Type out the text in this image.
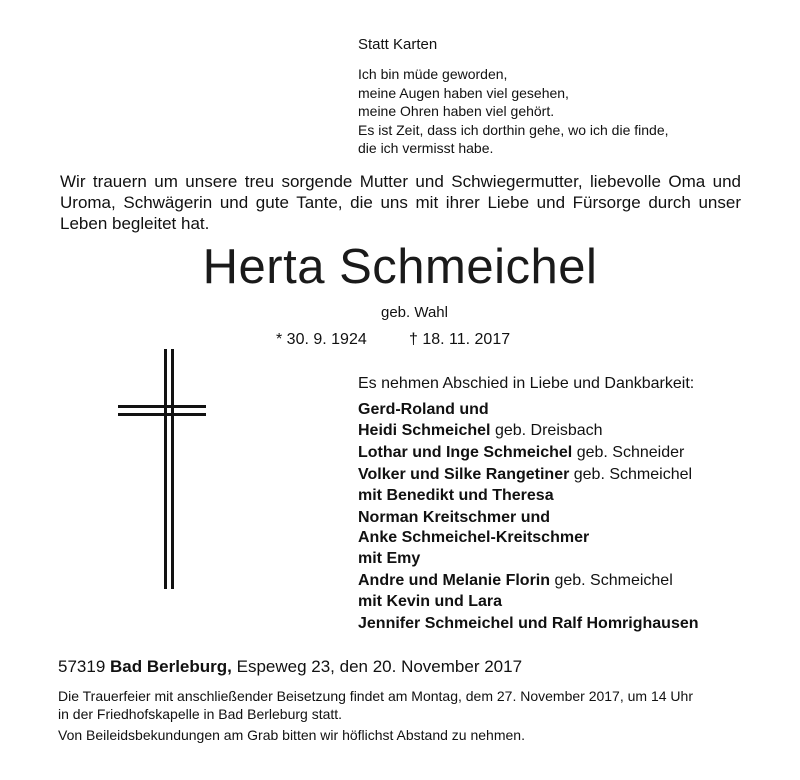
Statt Karten
Ich bin müde geworden,
meine Augen haben viel gesehen,
meine Ohren haben viel gehört.
Es ist Zeit, dass ich dorthin gehe, wo ich die finde,
die ich vermisst habe.
Wir trauern um unsere treu sorgende Mutter und Schwiegermutter, liebevolle Oma und Uroma, Schwägerin und gute Tante, die uns mit ihrer Liebe und Fürsorge durch unser Leben begleitet hat.
Herta Schmeichel
geb. Wahl
* 30. 9. 1924	† 18. 11. 2017
Es nehmen Abschied in Liebe und Dankbarkeit:
Gerd-Roland und
Heidi Schmeichel geb. Dreisbach
Lothar und Inge Schmeichel geb. Schneider
Volker und Silke Rangetiner geb. Schmeichel
mit Benedikt und Theresa
Norman Kreitschmer und
Anke Schmeichel-Kreitschmer
mit Emy
Andre und Melanie Florin geb. Schmeichel
mit Kevin und Lara
Jennifer Schmeichel und Ralf Homrighausen
57319 Bad Berleburg, Espeweg 23, den 20. November 2017
Die Trauerfeier mit anschließender Beisetzung findet am Montag, dem 27. November 2017, um 14 Uhr
in der Friedhofskapelle in Bad Berleburg statt.
Von Beileidsbekundungen am Grab bitten wir höflichst Abstand zu nehmen.
